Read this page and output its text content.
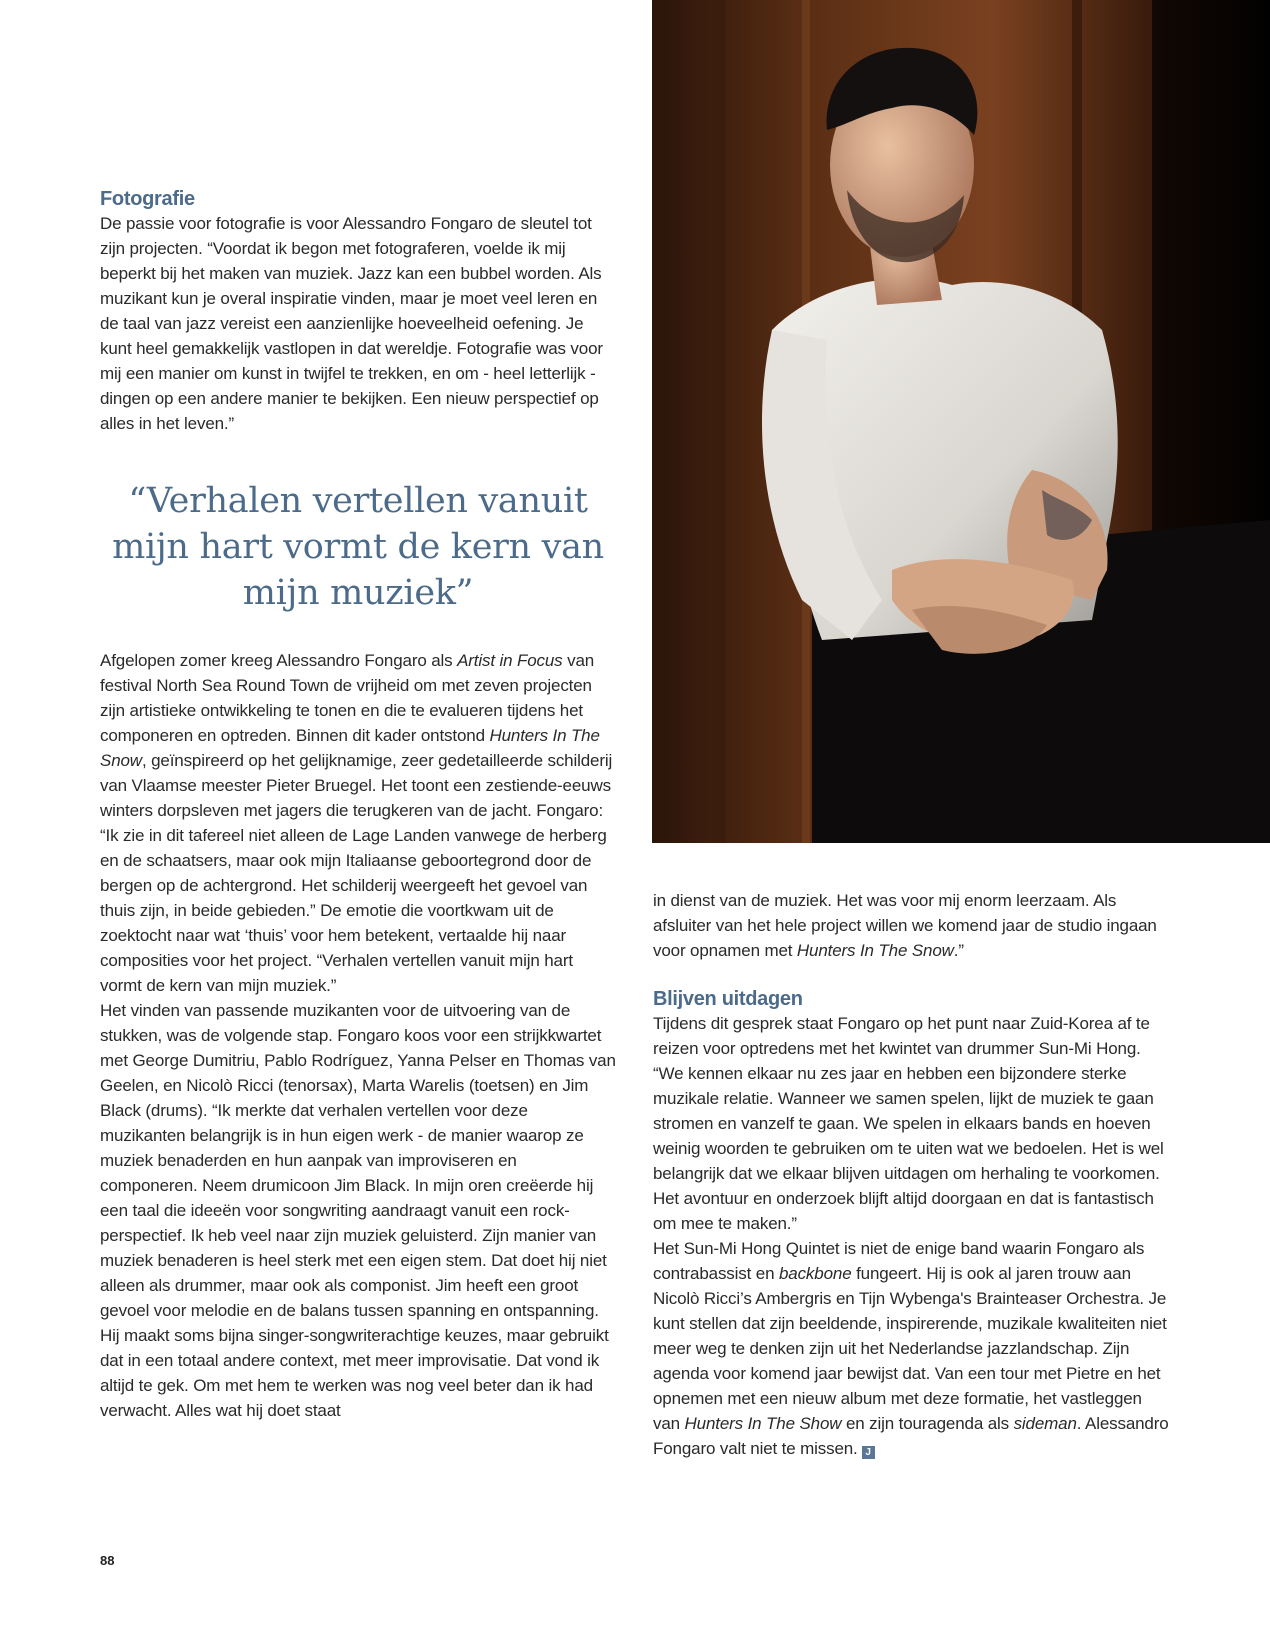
Fotografie

De passie voor fotografie is voor Alessandro Fongaro de sleutel tot zijn projecten. “Voordat ik begon met fotograferen, voelde ik mij beperkt bij het maken van muziek. Jazz kan een bubbel worden. Als muzikant kun je overal inspiratie vinden, maar je moet veel leren en de taal van jazz vereist een aanzienlijke hoeveelheid oefening. Je kunt heel gemakkelijk vastlopen in dat wereldje. Fotografie was voor mij een manier om kunst in twijfel te trekken, en om - heel letterlijk - dingen op een andere manier te bekijken. Een nieuw perspectief op alles in het leven.”

“Verhalen vertellen vanuit mijn hart vormt de kern van mijn muziek”

Afgelopen zomer kreeg Alessandro Fongaro als Artist in Focus van festival North Sea Round Town de vrijheid om met zeven projecten zijn artistieke ontwikkeling te tonen en die te evalueren tijdens het componeren en optreden. Binnen dit kader ontstond Hunters In The Snow, geïnspireerd op het gelijknamige, zeer gedetailleerde schilderij van Vlaamse meester Pieter Bruegel. Het toont een zestiende-eeuws winters dorpsleven met jagers die terugkeren van de jacht. Fongaro: “Ik zie in dit tafereel niet alleen de Lage Landen vanwege de herberg en de schaatsers, maar ook mijn Italiaanse geboortegrond door de bergen op de achtergrond. Het schilderij weergeeft het gevoel van thuis zijn, in beide gebieden.” De emotie die voortkwam uit de zoektocht naar wat ‘thuis’ voor hem betekent, vertaalde hij naar composities voor het project. “Verhalen vertellen vanuit mijn hart vormt de kern van mijn muziek.”

Het vinden van passende muzikanten voor de uitvoering van de stukken, was de volgende stap. Fongaro koos voor een strijkkwartet met George Dumitriu, Pablo Rodríguez, Yanna Pelser en Thomas van Geelen, en Nicolò Ricci (tenorsax), Marta Warelis (toetsen) en Jim Black (drums). “Ik merkte dat verhalen vertellen voor deze muzikanten belangrijk is in hun eigen werk - de manier waarop ze muziek benaderden en hun aanpak van improviseren en componeren. Neem drumicoon Jim Black. In mijn oren creëerde hij een taal die ideeën voor songwriting aandraagt vanuit een rock-perspectief. Ik heb veel naar zijn muziek geluisterd. Zijn manier van muziek benaderen is heel sterk met een eigen stem. Dat doet hij niet alleen als drummer, maar ook als componist. Jim heeft een groot gevoel voor melodie en de balans tussen spanning en ontspanning. Hij maakt soms bijna singer-songwriterachtige keuzes, maar gebruikt dat in een totaal andere context, met meer improvisatie. Dat vond ik altijd te gek. Om met hem te werken was nog veel beter dan ik had verwacht. Alles wat hij doet staat

in dienst van de muziek. Het was voor mij enorm leerzaam. Als afsluiter van het hele project willen we komend jaar de studio ingaan voor opnamen met Hunters In The Snow.”

Blijven uitdagen

Tijdens dit gesprek staat Fongaro op het punt naar Zuid-Korea af te reizen voor optredens met het kwintet van drummer Sun-Mi Hong. “We kennen elkaar nu zes jaar en hebben een bijzondere sterke muzikale relatie. Wanneer we samen spelen, lijkt de muziek te gaan stromen en vanzelf te gaan. We spelen in elkaars bands en hoeven weinig woorden te gebruiken om te uiten wat we bedoelen. Het is wel belangrijk dat we elkaar blijven uitdagen om herhaling te voorkomen. Het avontuur en onderzoek blijft altijd doorgaan en dat is fantastisch om mee te maken.”

Het Sun-Mi Hong Quintet is niet de enige band waarin Fongaro als contrabassist en backbone fungeert. Hij is ook al jaren trouw aan Nicolò Ricci’s Ambergris en Tijn Wybenga's Brainteaser Orchestra. Je kunt stellen dat zijn beeldende, inspirerende, muzikale kwaliteiten niet meer weg te denken zijn uit het Nederlandse jazzlandschap. Zijn agenda voor komend jaar bewijst dat. Van een tour met Pietre en het opnemen met een nieuw album met deze formatie, het vastleggen van Hunters In The Show en zijn touragenda als sideman. Alessandro Fongaro valt niet te missen. J

88
